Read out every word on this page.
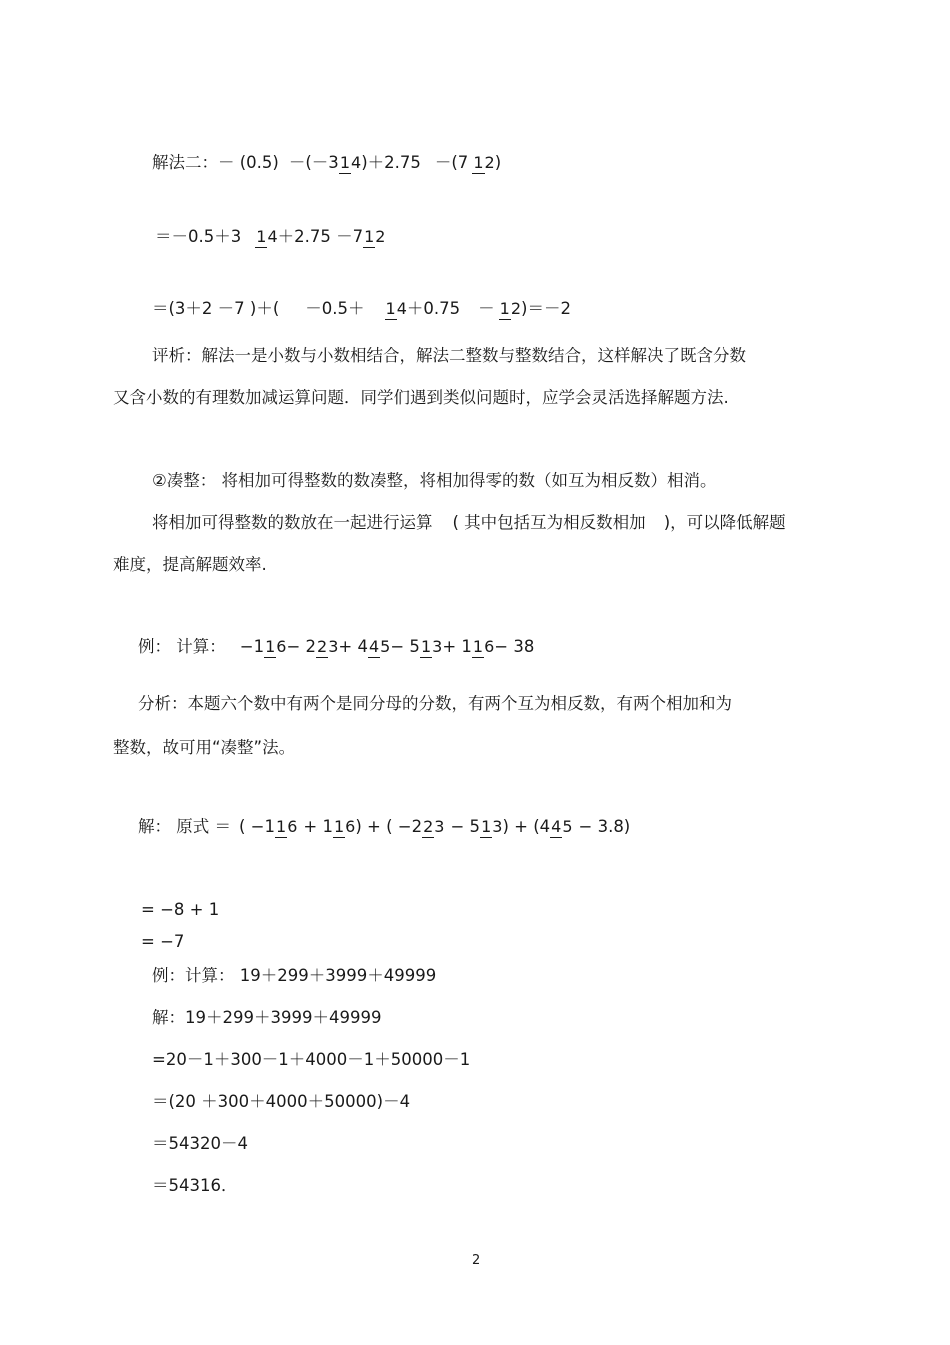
解法二：－ (0.5) －(－3 14 )＋2.75 －(7 12 )
＝－0.5＋3 14 ＋2.75 －7 12
＝(3＋2 －7 )＋( －0.5＋ 14 ＋0.75 － 12 )＝－2
评析：解法一是小数与小数相结合，解法二整数与整数结合，这样解决了既含分数
又含小数的有理数加减运算问题．同学们遇到类似问题时，应学会灵活选择解题方法.
②凑整： 将相加可得整数的数凑整，将相加得零的数（如互为相反数）相消。
将相加可得整数的数放在一起进行运算 ( 其中包括互为相反数相加 )，可以降低解题
难度，提高解题效率.
例： 计算： −1 16 − 2 23 + 4 45 − 5 13 + 1 16 − 38
分析：本题六个数中有两个是同分母的分数，有两个互为相反数，有两个相加和为
整数，故可用“凑整”法。
解： 原式 ＝ ( −1 16 + 1 16 ) + ( −2 23 − 5 13 ) + (4 45 − 3.8)
= −8 + 1
= −7
例：计算： 19＋299＋3999＋49999
解：19＋299＋3999＋49999
=20－1＋300－1＋4000－1＋50000－1
＝(20 ＋300＋4000＋50000)－4
＝54320－4
＝54316．
2
